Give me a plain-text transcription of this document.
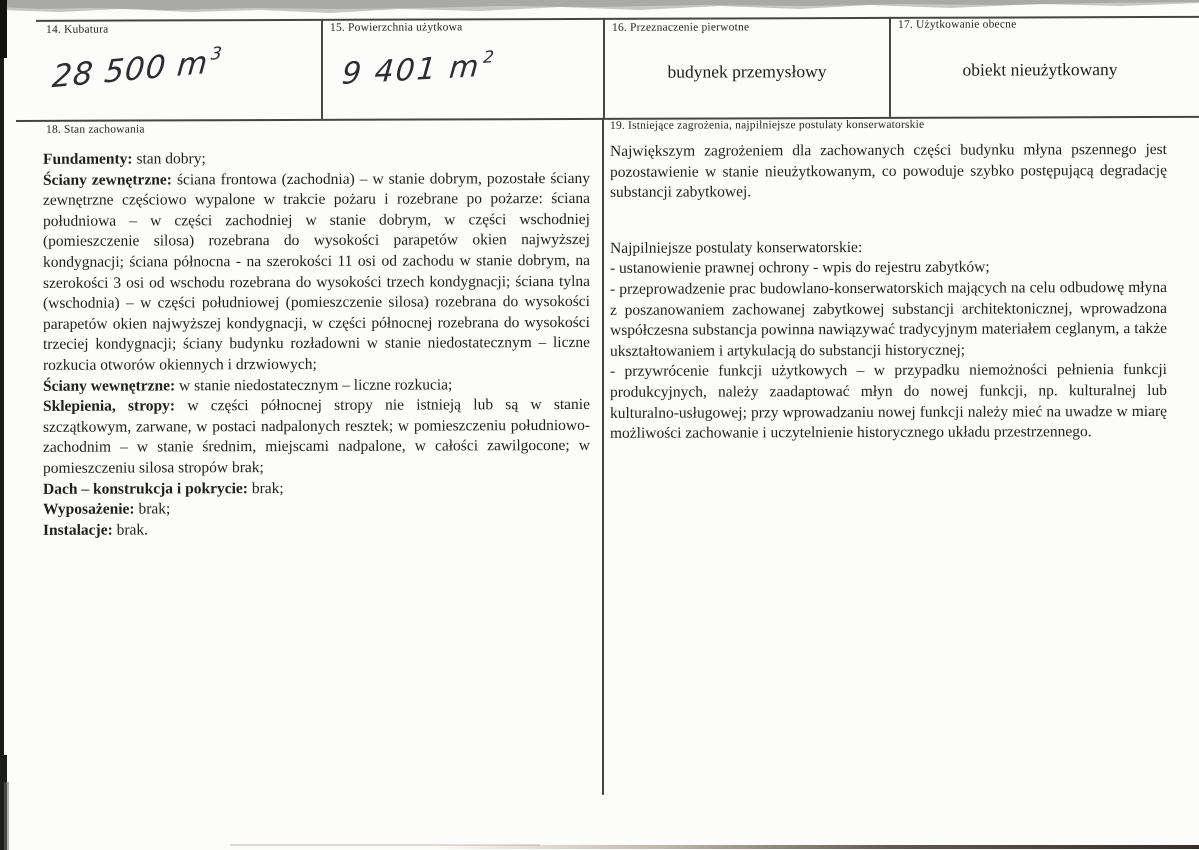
14. Kubatura
28 500 $m^3$
15. Powierzchnia użytkowa
9 401 $m^2$
16. Przeznaczenie pierwotne
budynek przemysłowy
17. Użytkowanie obecne
obiekt nieużytkowany
18. Stan zachowania

Fundamenty: stan dobry;

Ściany zewnętrzne: ściana frontowa (zachodnia) – w stanie dobrym, pozostałe ściany zewnętrzne częściowo wypalone w trakcie pożaru i rozebrane po pożarze: ściana południowa – w części zachodniej w stanie dobrym, w części wschodniej (pomieszczenie silosa) rozebrana do wysokości parapetów okien najwyższej kondygnacji; ściana północna - na szerokości 11 osi od zachodu w stanie dobrym, na szerokości 3 osi od wschodu rozebrana do wysokości trzech kondygnacji; ściana tylna (wschodnia) – w części południowej (pomieszczenie silosa) rozebrana do wysokości parapetów okien najwyższej kondygnacji, w części północnej rozebrana do wysokości trzeciej kondygnacji; ściany budynku rozładowni w stanie niedostatecznym – liczne rozkucia otworów okiennych i drzwiowych;

Ściany wewnętrzne: w stanie niedostatecznym – liczne rozkucia;

Sklepienia, stropy: w części północnej stropy nie istnieją lub są w stanie szczątkowym, zarwane, w postaci nadpalonych resztek; w pomieszczeniu południowo-zachodnim – w stanie średnim, miejscami nadpalone, w całości zawilgocone; w pomieszczeniu silosa stropów brak;

Dach – konstrukcja i pokrycie: brak;

Wyposażenie: brak;

Instalacje: brak.

19. Istniejące zagrożenia, najpilniejsze postulaty konserwatorskie

Największym zagrożeniem dla zachowanych części budynku młyna pszennego jest pozostawienie w stanie nieużytkowanym, co powoduje szybko postępującą degradację substancji zabytkowej.

Najpilniejsze postulaty konserwatorskie:

- ustanowienie prawnej ochrony - wpis do rejestru zabytków;

- przeprowadzenie prac budowlano-konserwatorskich mających na celu odbudowę młyna z poszanowaniem zachowanej zabytkowej substancji architektonicznej, wprowadzona współczesna substancja powinna nawiązywać tradycyjnym materiałem ceglanym, a także ukształtowaniem i artykulacją do substancji historycznej;

- przywrócenie funkcji użytkowych – w przypadku niemożności pełnienia funkcji produkcyjnych, należy zaadaptować młyn do nowej funkcji, np. kulturalnej lub kulturalno-usługowej; przy wprowadzaniu nowej funkcji należy mieć na uwadze w miarę możliwości zachowanie i uczytelnienie historycznego układu przestrzennego.
